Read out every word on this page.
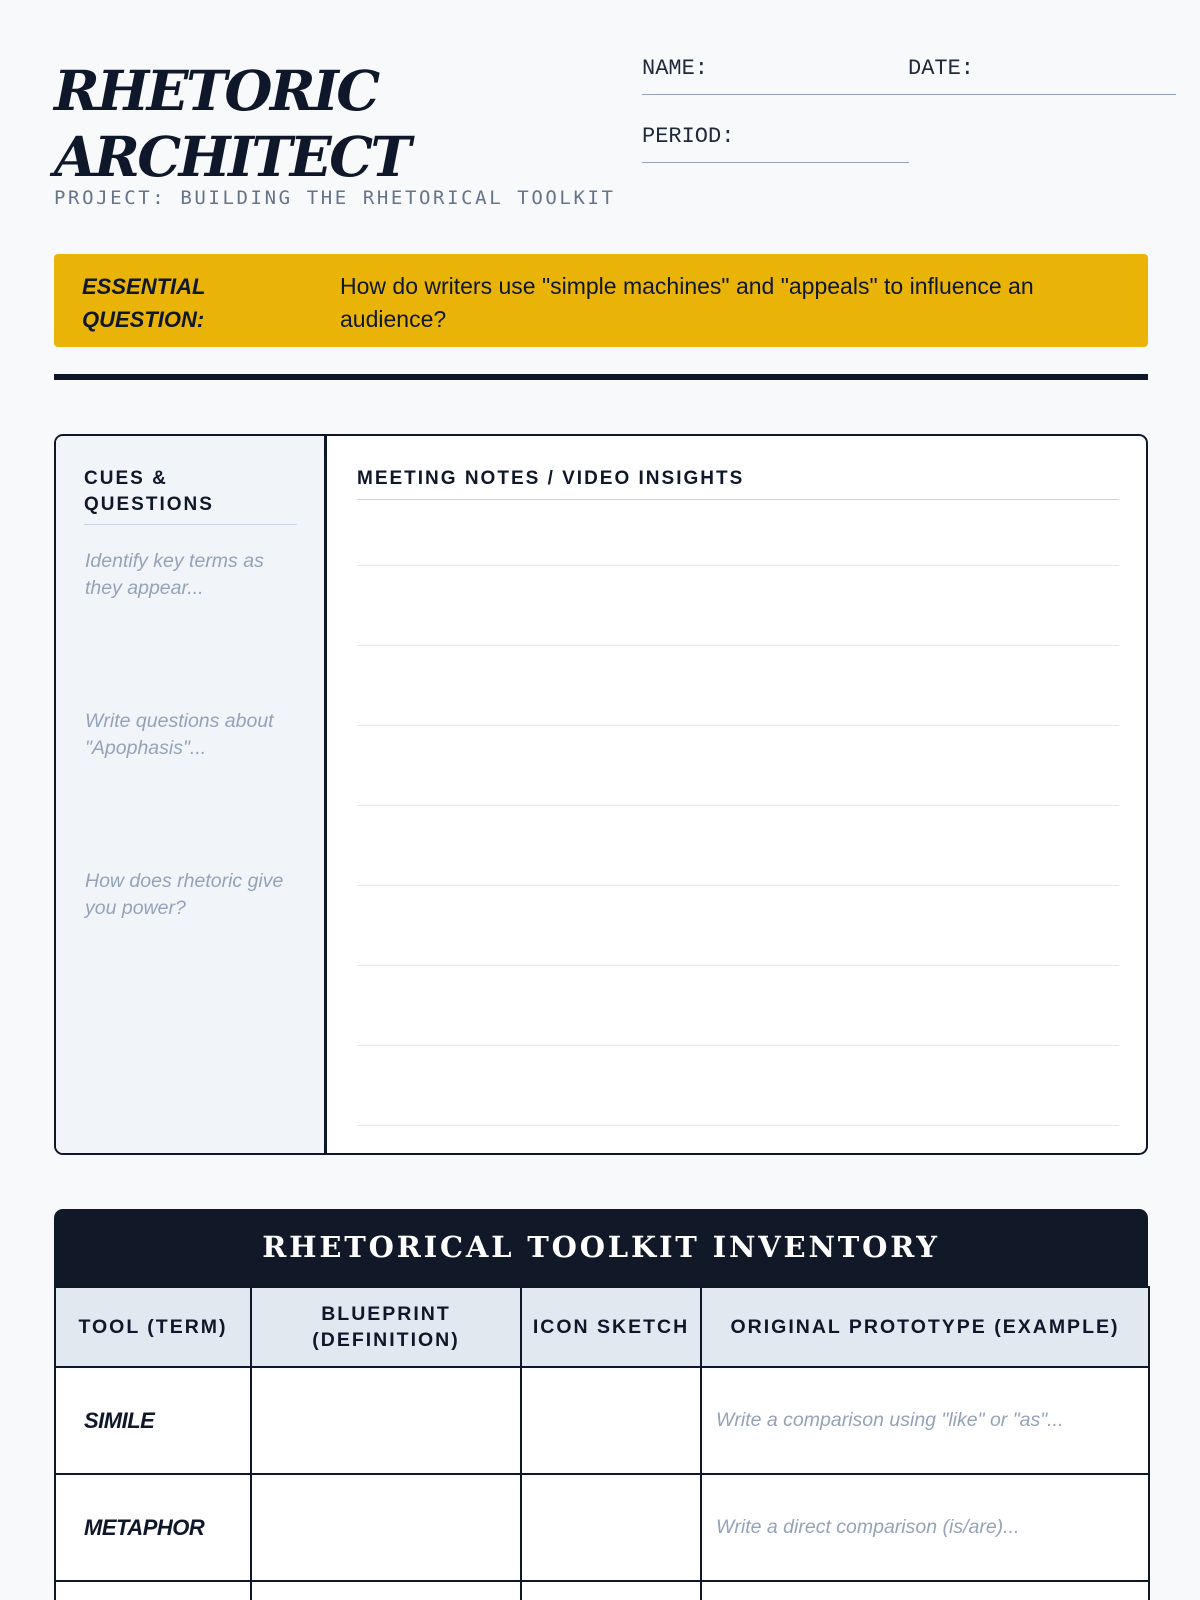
RHETORIC
ARCHITECT
PROJECT: BUILDING THE RHETORICAL TOOLKIT
NAME:	DATE:
PERIOD:
ESSENTIAL QUESTION:
How do writers use "simple machines" and "appeals" to influence an audience?
CUES & QUESTIONS
Identify key terms as they appear...
Write questions about "Apophasis"...
How does rhetoric give you power?
MEETING NOTES / VIDEO INSIGHTS
RHETORICAL TOOLKIT INVENTORY
TOOL (TERM)	BLUEPRINT (DEFINITION)	ICON SKETCH	ORIGINAL PROTOTYPE (EXAMPLE)
SIMILE			Write a comparison using "like" or "as"...
METAPHOR			Write a direct comparison (is/are)...
